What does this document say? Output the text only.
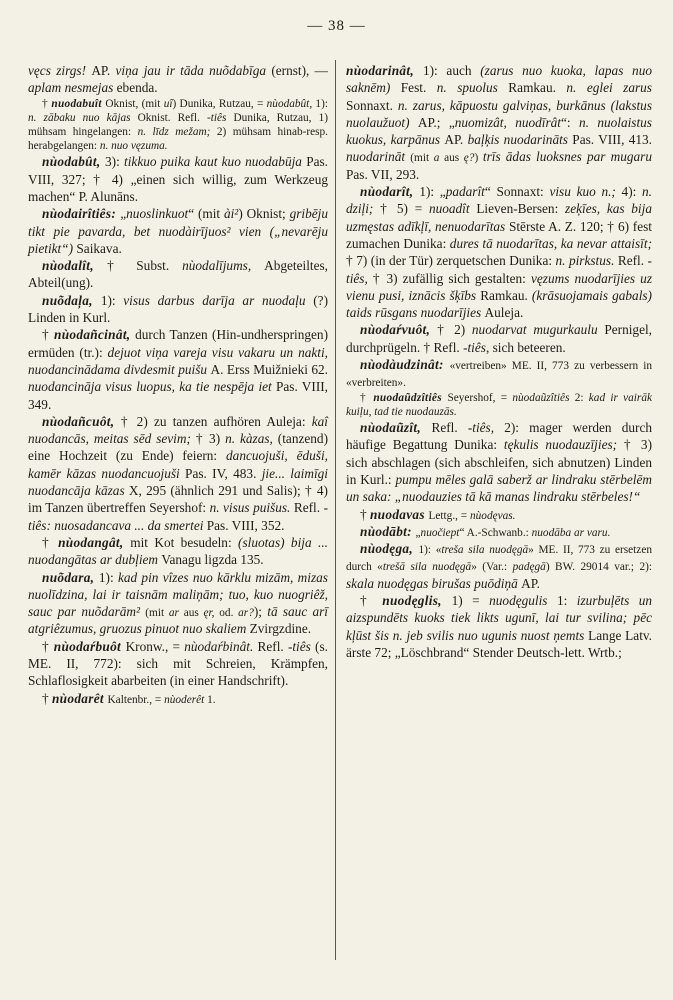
— 38 —

vęcs zirgs! AP. viņa jau ir tāda nuõdabīga (ernst), — aplam nesmejas ebenda.

† nuodabuît Oknist, (mit uî) Dunika, Rutzau, = nùodabût, 1): n. zābaku nuo kājas Oknist. Refl. -tiês Dunika, Rutzau, 1) mühsam hingelangen: n. līdz mežam; 2) mühsam hinab-resp. herabgelangen: n. nuo vęzuma.

nùodabût, 3): tikkuo puika kaut kuo nuodabūja Pas. VIII, 327; † 4) „einen sich willig, zum Werkzeug machen“ P. Alunāns.

nùodairîtiês: „nuoslinkuot“ (mit ài²) Oknist; gribēju tikt pie pavarda, bet nuodàirījuos² vien („nevarēju pietikt“) Saikava.

nùodalît, † Subst. nùodalījums, Abgeteiltes, Abteil(ung).

nuõdaļa, 1): visus darbus darīja ar nuodaļu (?) Linden in Kurl.

† nùodañcinât, durch Tanzen (Hin-undherspringen) ermüden (tr.): dejuot viņa vareja visu vakaru un nakti, nuodancinādama divdesmit puišu A. Erss Muižnieki 62. nuodancināja visus luopus, ka tie nespēja iet Pas. VIII, 349.

nùodañcuôt, † 2) zu tanzen aufhören Auleja: kaî nuodancās, meitas sēd sevim; † 3) n. kàzas, (tanzend) eine Hochzeit (zu Ende) feiern: dancuojuši, ēduši, kamēr kāzas nuodancuojuši Pas. IV, 483. jie... laimīgi nuodancāja kāzas X, 295 (ähnlich 291 und Salis); † 4) im Tanzen übertreffen Seyershof: n. visus puišus. Refl. -tiês: nuosadancava ... da smertei Pas. VIII, 352.

† nùodangât, mit Kot besudeln: (sluotas) bija ... nuodangātas ar dubļiem Vanagu ligzda 135.

nuõdara, 1): kad pin vîzes nuo kārklu mizām, mizas nuolīdzina, lai ir taisnām maliņām; tuo, kuo nuogriêž, sauc par nuõdarām² (mit ar aus ęr, od. ar?); tā sauc arī atgriêzumus, gruozus pinuot nuo skaliem Zvirgzdine.

† nùodaŕbuôt Kronw., = nùodaŕbinât. Refl. -tiês (s. ME. II, 772): sich mit Schreien, Krämpfen, Schlaflosigkeit abarbeiten (in einer Handschrift).

† nùodarêt Kaltenbr., = nùoderêt 1.

nùodarinât, 1): auch (zarus nuo kuoka, lapas nuo saknēm) Fest. n. spuolus Ramkau. n. eglei zarus Sonnaxt. n. zarus, kāpuostu galviņas, burkānus (lakstus nuolaužuot) AP.; „nuomizât, nuodīrât“: n. nuolaistus kuokus, karpānus AP. baļķis nuodarināts Pas. VIII, 413. nuodarināt (mit a aus ę?) trīs ādas luoksnes par mugaru Pas. VII, 293.

nùodarît, 1): „padarît“ Sonnaxt: visu kuo n.; 4): n. dziļi; † 5) = nuoadît Lieven-Bersen: zeķīes, kas bija uzmęstas adīkļī, nenuodarītas Stērste A. Z. 120; † 6) fest zumachen Dunika: dures tā nuodarītas, ka nevar attaisīt; † 7) (in der Tür) zerquetschen Dunika: n. pirkstus. Refl. -tiês, † 3) zufällig sich gestalten: vęzums nuodarījies uz vienu pusi, iznācis šķībs Ramkau. (krāsuojamais gabals) taids rūsgans nuodarījies Auleja.

nùodaŕvuôt, † 2) nuodarvat mugurkaulu Pernigel, durchprügeln. † Refl. -tiês, sich beteeren.

nùodàudzinât: «vertreiben» ME. II, 773 zu verbessern in «verbreiten».

† nuodaũdzîtiês Seyershof, = nùodaũzîtiês 2: kad ir vairāk kuiļu, tad tie nuodauzās.

nùodaũzît, Refl. -tiês, 2): mager werden durch häufige Begattung Dunika: tękulis nuodauzījies; † 3) sich abschlagen (sich abschleifen, sich abnutzen) Linden in Kurl.: pumpu mēles galā saberž ar lindraku stērbelēm un saka: „nuodauzies tā kā manas lindraku stērbeles!“

† nuodavas Lettg., = nùodęvas.

nùodābt: „nuočiept“ A.-Schwanb.: nuodāba ar varu.

nùodęga, 1): «treša sila nuodęgā» ME. II, 773 zu ersetzen durch «trešā sila nuodęgā» (Var.: padęgā) BW. 29014 var.; 2): skala nuodęgas birušas puōdiņā AP.

† nuodęglis, 1) = nuodęgulis 1: izurbuļēts un aizspundēts kuoks tiek likts ugunī, lai tur svilina; pēc kļūst šis n. jeb svilis nuo ugunis nuost ņemts Lange Latv. ärste 72; „Löschbrand“ Stender Deutsch-lett. Wrtb.;
